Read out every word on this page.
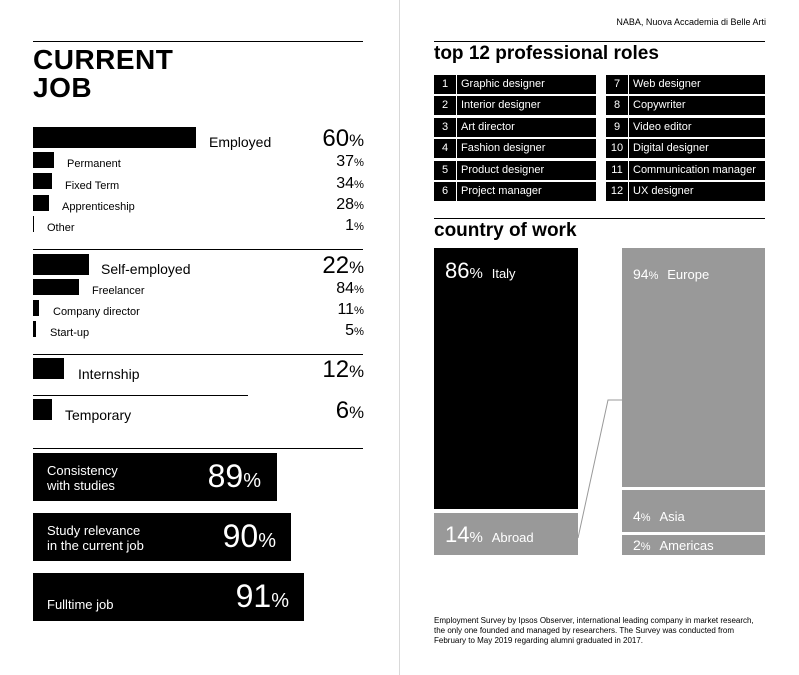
CURRENT
JOB
Employed 60%
Permanent	37%
Fixed Term	34%
Apprenticeship	28%
Other	1%
Self-employed	22%
Freelancer	84%
Company director	11%
Start-up	5%
Internship	12%
Temporary	6%
Consistency
with studies	89%
Study relevance
in the current job 90%
Fulltime job	91%
NABA, Nuova Accademia di Belle Arti
top 12 professional roles
1	Graphic designer
2	Interior designer
3	Art director
4	Fashion designer
5	Product designer
6	Project manager
7	Web designer
8	Copywriter
9	Video editor
10 Digital designer
11 Communication manager
12 UX designer
country of work
86% Italy
14% Abroad
94% Europe
4% Asia
2% Americas
Employment Survey by Ipsos Observer, international leading company in market research, the only one founded and managed by researchers. The Survey was conducted from February to May 2019 regarding alumni graduated in 2017.
